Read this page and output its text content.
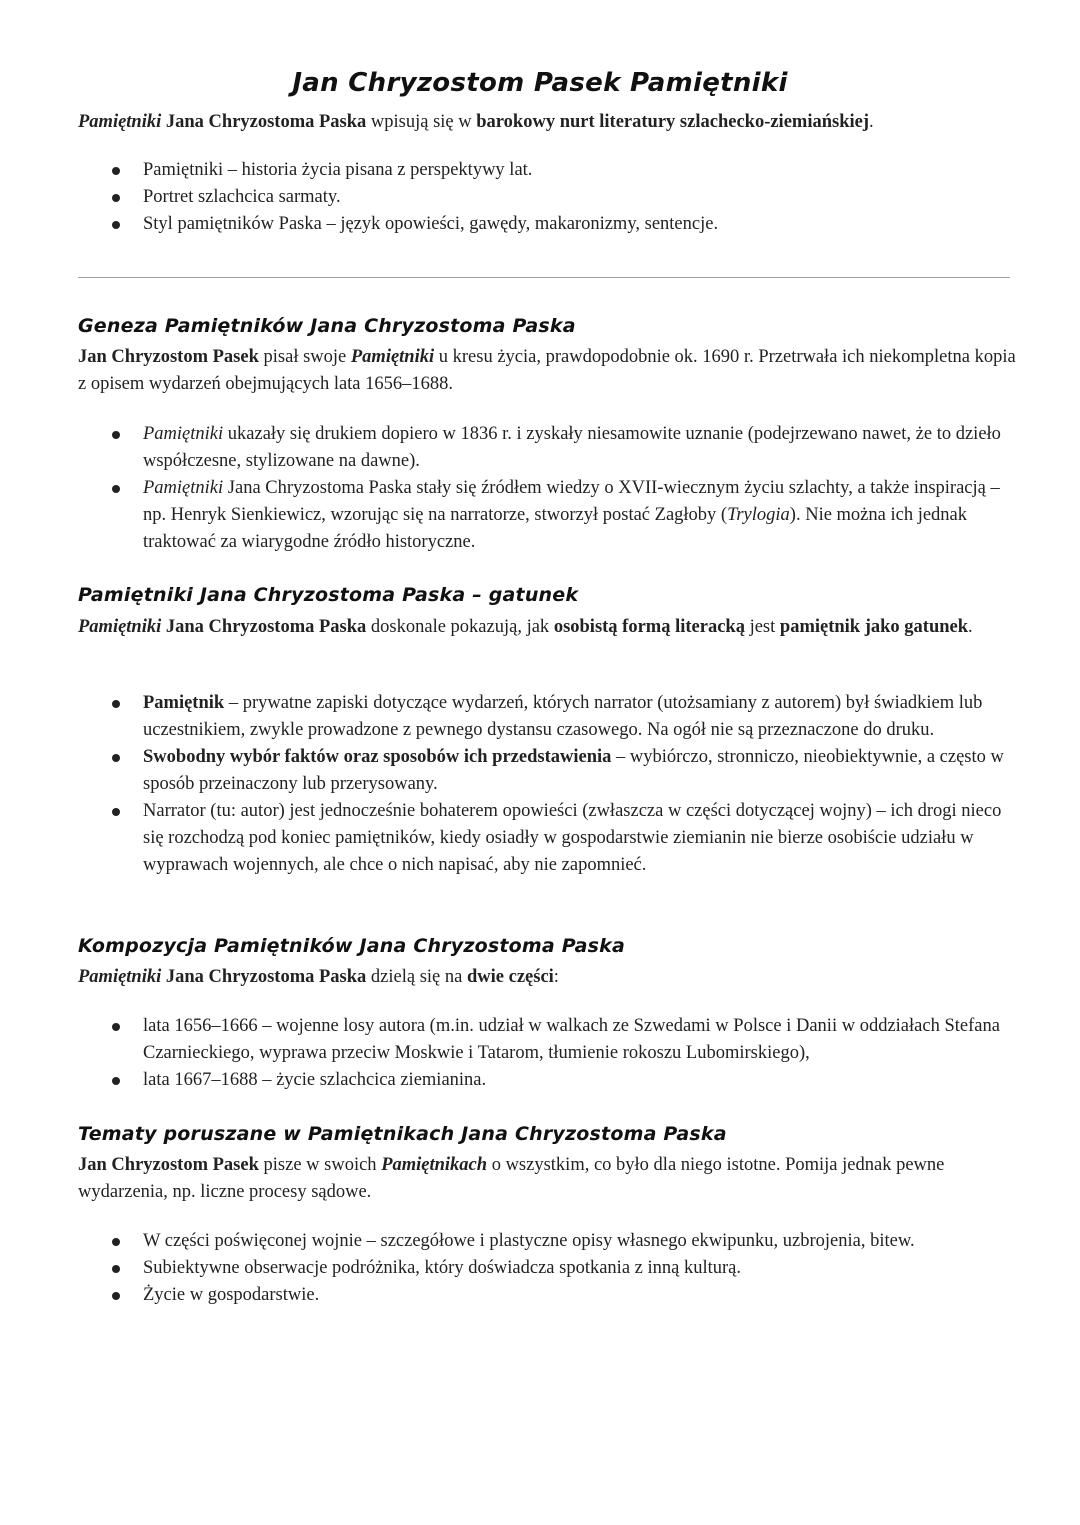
Jan Chryzostom Pasek Pamiętniki

Pamiętniki Jana Chryzostoma Paska wpisują się w barokowy nurt literatury szlachecko-ziemiańskiej.

Pamiętniki – historia życia pisana z perspektywy lat.
Portret szlachcica sarmaty.
Styl pamiętników Paska – język opowieści, gawędy, makaronizmy, sentencje.
Geneza Pamiętników Jana Chryzostoma Paska

Jan Chryzostom Pasek pisał swoje Pamiętniki u kresu życia, prawdopodobnie ok. 1690 r. Przetrwała ich niekompletna kopia z opisem wydarzeń obejmujących lata 1656–1688.

Pamiętniki ukazały się drukiem dopiero w 1836 r. i zyskały niesamowite uznanie (podejrzewano nawet, że to dzieło współczesne, stylizowane na dawne).
Pamiętniki Jana Chryzostoma Paska stały się źródłem wiedzy o XVII-wiecznym życiu szlachty, a także inspiracją – np. Henryk Sienkiewicz, wzorując się na narratorze, stworzył postać Zagłoby (Trylogia). Nie można ich jednak traktować za wiarygodne źródło historyczne.
Pamiętniki Jana Chryzostoma Paska – gatunek

Pamiętniki Jana Chryzostoma Paska doskonale pokazują, jak osobistą formą literacką jest pamiętnik jako gatunek.

Pamiętnik – prywatne zapiski dotyczące wydarzeń, których narrator (utożsamiany z autorem) był świadkiem lub uczestnikiem, zwykle prowadzone z pewnego dystansu czasowego. Na ogół nie są przeznaczone do druku.
Swobodny wybór faktów oraz sposobów ich przedstawienia – wybiórczo, stronniczo, nieobiektywnie, a często w sposób przeinaczony lub przerysowany.
Narrator (tu: autor) jest jednocześnie bohaterem opowieści (zwłaszcza w części dotyczącej wojny) – ich drogi nieco się rozchodzą pod koniec pamiętników, kiedy osiadły w gospodarstwie ziemianin nie bierze osobiście udziału w wyprawach wojennych, ale chce o nich napisać, aby nie zapomnieć.
Kompozycja Pamiętników Jana Chryzostoma Paska

Pamiętniki Jana Chryzostoma Paska dzielą się na dwie części:

lata 1656–1666 – wojenne losy autora (m.in. udział w walkach ze Szwedami w Polsce i Danii w oddziałach Stefana Czarnieckiego, wyprawa przeciw Moskwie i Tatarom, tłumienie rokoszu Lubomirskiego),
lata 1667–1688 – życie szlachcica ziemianina.
Tematy poruszane w Pamiętnikach Jana Chryzostoma Paska

Jan Chryzostom Pasek pisze w swoich Pamiętnikach o wszystkim, co było dla niego istotne. Pomija jednak pewne wydarzenia, np. liczne procesy sądowe.

W części poświęconej wojnie – szczegółowe i plastyczne opisy własnego ekwipunku, uzbrojenia, bitew.
Subiektywne obserwacje podróżnika, który doświadcza spotkania z inną kulturą.
Życie w gospodarstwie.
